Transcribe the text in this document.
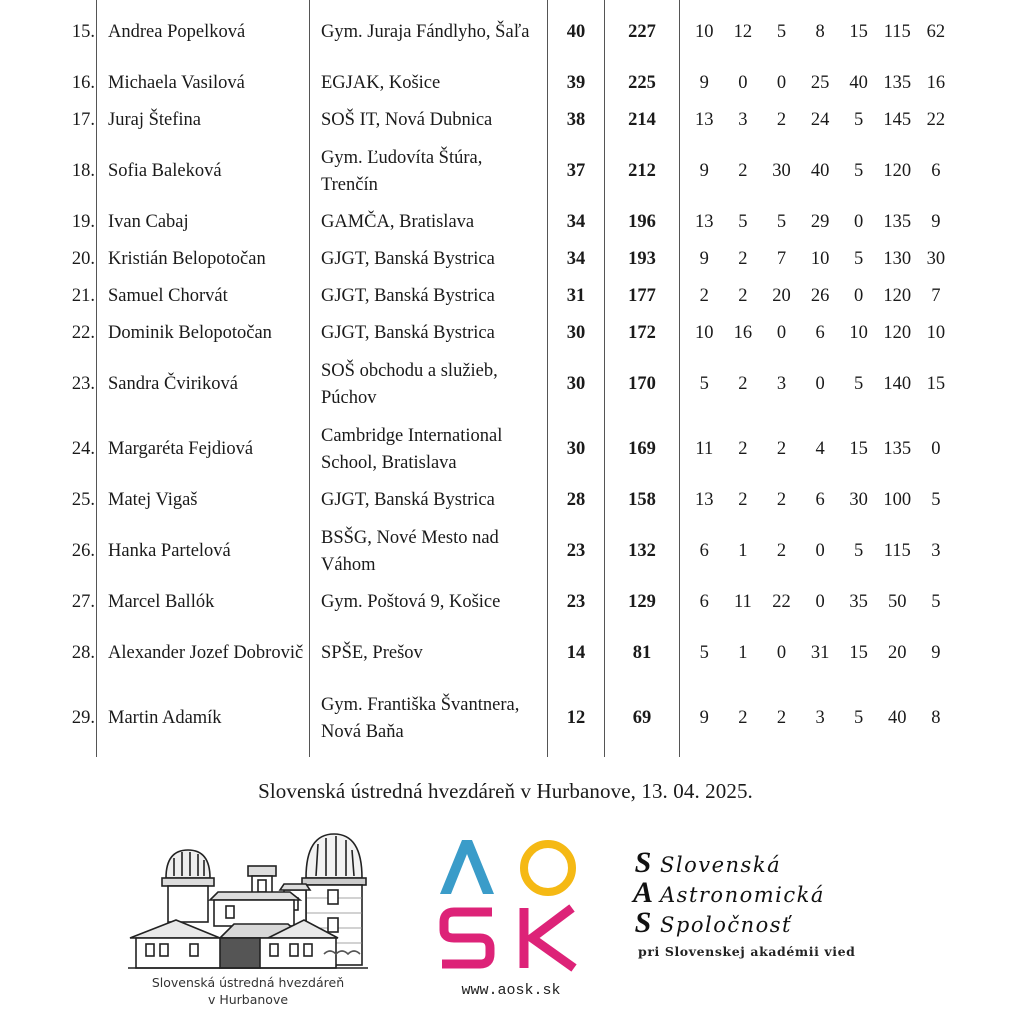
15.	Andrea Popelková	Gym. Juraja Fándlyho, Šaľa	40	227	10	12	5	8	15	115	62
16.	Michaela Vasilová	EGJAK, Košice	39	225	9	0	0	25	40	135	16
17.	Juraj Štefina	SOŠ IT, Nová Dubnica	38	214	13	3	2	24	5	145	22
18.	Sofia Baleková	Gym. Ľudovíta Štúra, Trenčín	37	212	9	2	30	40	5	120	6
19.	Ivan Cabaj	GAMČA, Bratislava	34	196	13	5	5	29	0	135	9
20.	Kristián Belopotočan	GJGT, Banská Bystrica	34	193	9	2	7	10	5	130	30
21.	Samuel Chorvát	GJGT, Banská Bystrica	31	177	2	2	20	26	0	120	7
22.	Dominik Belopotočan	GJGT, Banská Bystrica	30	172	10	16	0	6	10	120	10
23.	Sandra Čviriková	SOŠ obchodu a služieb, Púchov	30	170	5	2	3	0	5	140	15
24.	Margaréta Fejdiová	Cambridge International School, Bratislava	30	169	11	2	2	4	15	135	0
25.	Matej Vigaš	GJGT, Banská Bystrica	28	158	13	2	2	6	30	100	5
26.	Hanka Partelová	BSŠG, Nové Mesto nad Váhom	23	132	6	1	2	0	5	115	3
27.	Marcel Ballók	Gym. Poštová 9, Košice	23	129	6	11	22	0	35	50	5
28.	Alexander Jozef Dobrovič	SPŠE, Prešov	14	81	5	1	0	31	15	20	9
29.	Martin Adamík	Gym. Františka Švantnera, Nová Baňa	12	69	9	2	2	3	5	40	8

Slovenská ústredná hvezdáreň v Hurbanove, 13. 04. 2025.
Slovenská ústredná hvezdáreň
v Hurbanove
www.aosk.sk
S Slovenská
A Astronomická
S Spoločnosť
pri Slovenskej akadémii vied
